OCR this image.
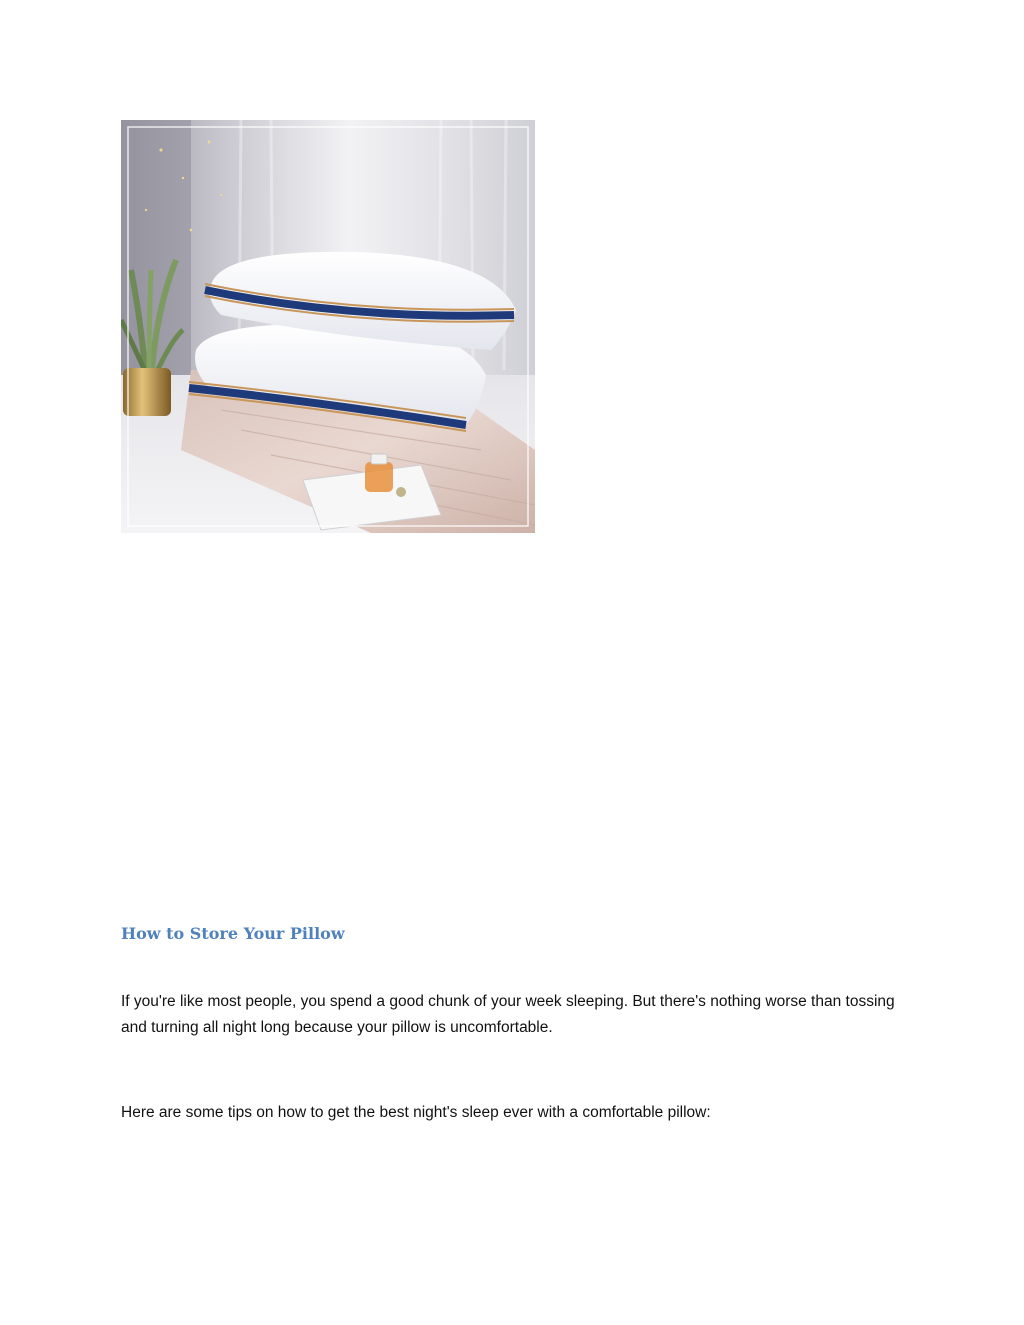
How to Store Your Pillow

If you're like most people, you spend a good chunk of your week sleeping. But there's nothing worse than tossing and turning all night long because your pillow is uncomfortable.

Here are some tips on how to get the best night's sleep ever with a comfortable pillow:
